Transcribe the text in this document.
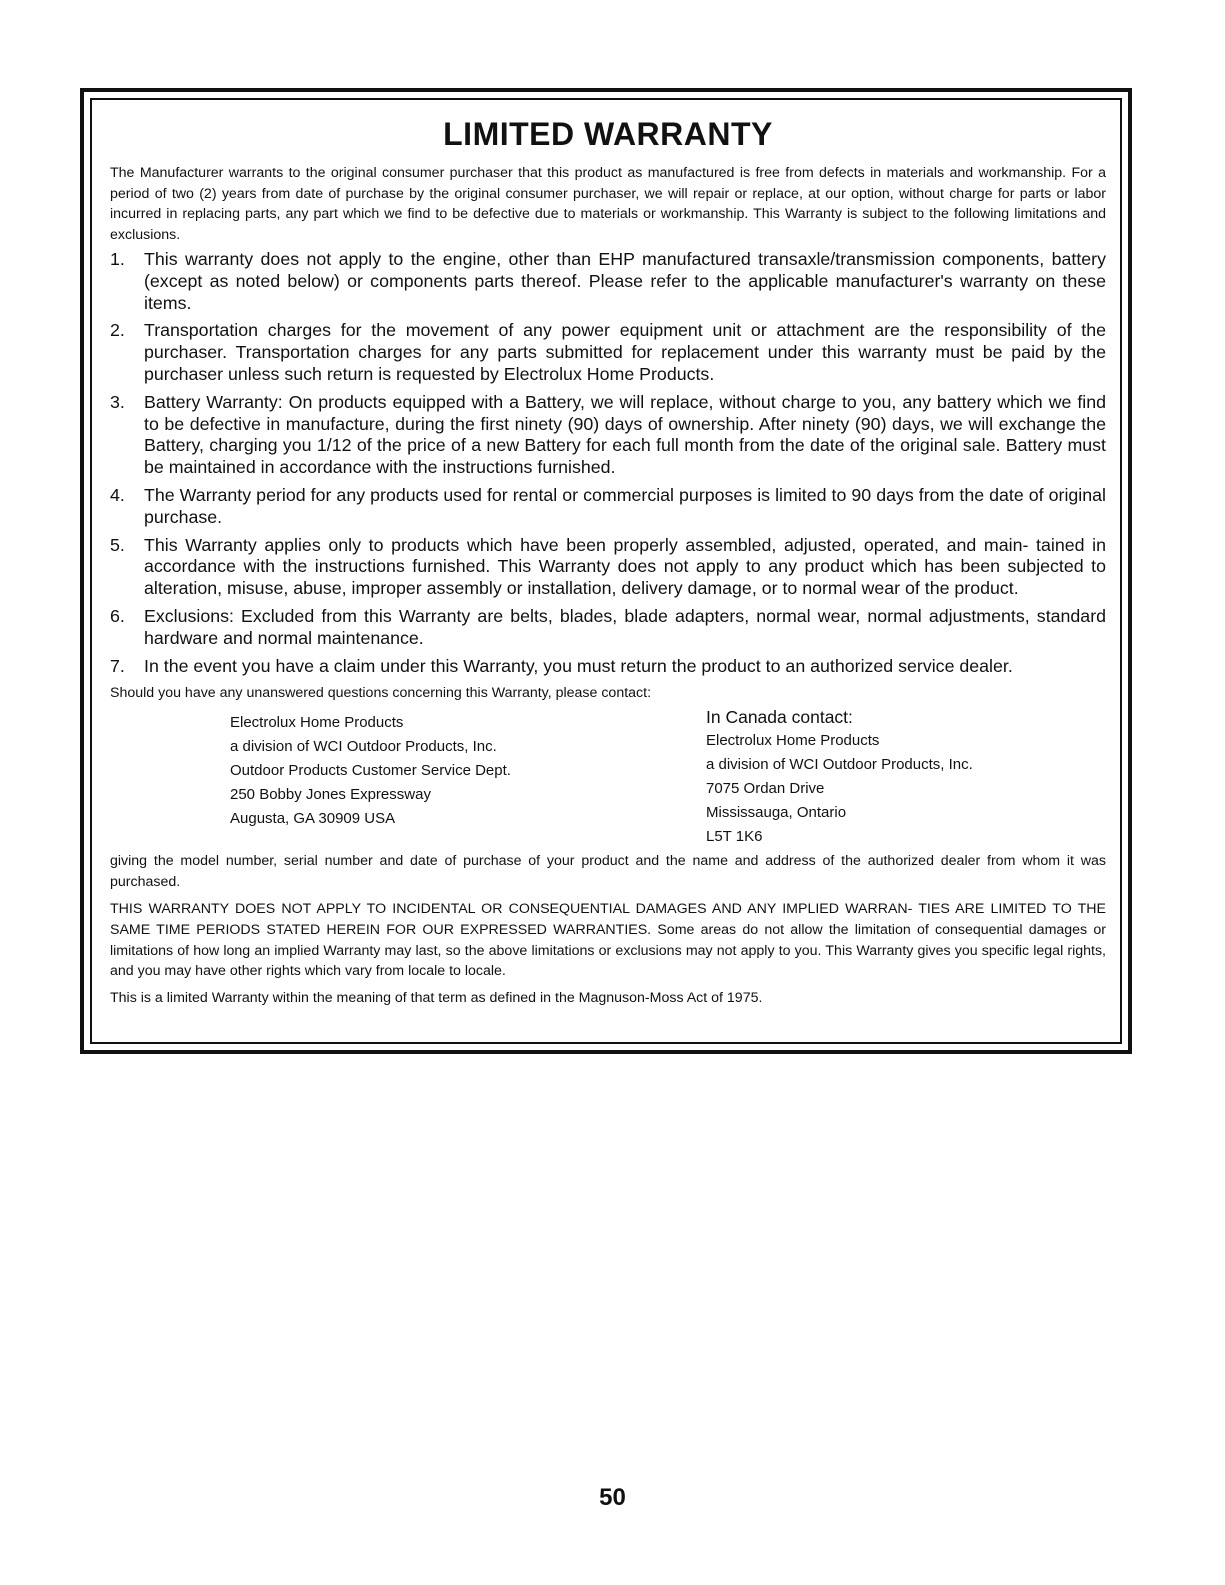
LIMITED WARRANTY

The Manufacturer warrants to the original consumer purchaser that this product as manufactured is free from defects in materials and workmanship. For a period of two (2) years from date of purchase by the original consumer purchaser, we will repair or replace, at our option, without charge for parts or labor incurred in replacing parts, any part which we find to be defective due to materials or workmanship. This Warranty is subject to the following limitations and exclusions.

1. This warranty does not apply to the engine, other than EHP manufactured transaxle/transmission components, battery (except as noted below) or components parts thereof. Please refer to the applicable manufacturer's warranty on these items.
2. Transportation charges for the movement of any power equipment unit or attachment are the responsibility of the purchaser. Transportation charges for any parts submitted for replacement under this warranty must be paid by the purchaser unless such return is requested by Electrolux Home Products.
3. Battery Warranty: On products equipped with a Battery, we will replace, without charge to you, any battery which we find to be defective in manufacture, during the first ninety (90) days of ownership. After ninety (90) days, we will exchange the Battery, charging you 1/12 of the price of a new Battery for each full month from the date of the original sale. Battery must be maintained in accordance with the instructions furnished.
4. The Warranty period for any products used for rental or commercial purposes is limited to 90 days from the date of original purchase.
5. This Warranty applies only to products which have been properly assembled, adjusted, operated, and main- tained in accordance with the instructions furnished. This Warranty does not apply to any product which has been subjected to alteration, misuse, abuse, improper assembly or installation, delivery damage, or to normal wear of the product.
6. Exclusions: Excluded from this Warranty are belts, blades, blade adapters, normal wear, normal adjustments, standard hardware and normal maintenance.
7. In the event you have a claim under this Warranty, you must return the product to an authorized service dealer.

Should you have any unanswered questions concerning this Warranty, please contact:

Electrolux Home Products
a division of WCI Outdoor Products, Inc.
Outdoor Products Customer Service Dept.
250 Bobby Jones Expressway
Augusta, GA 30909 USA
In Canada contact:
Electrolux Home Products
a division of WCI Outdoor Products, Inc.
7075 Ordan Drive
Mississauga, Ontario
L5T 1K6

giving the model number, serial number and date of purchase of your product and the name and address of the authorized dealer from whom it was purchased.

THIS WARRANTY DOES NOT APPLY TO INCIDENTAL OR CONSEQUENTIAL DAMAGES AND ANY IMPLIED WARRAN- TIES ARE LIMITED TO THE SAME TIME PERIODS STATED HEREIN FOR OUR EXPRESSED WARRANTIES. Some areas do not allow the limitation of consequential damages or limitations of how long an implied Warranty may last, so the above limitations or exclusions may not apply to you. This Warranty gives you specific legal rights, and you may have other rights which vary from locale to locale.

This is a limited Warranty within the meaning of that term as defined in the Magnuson-Moss Act of 1975.

50
